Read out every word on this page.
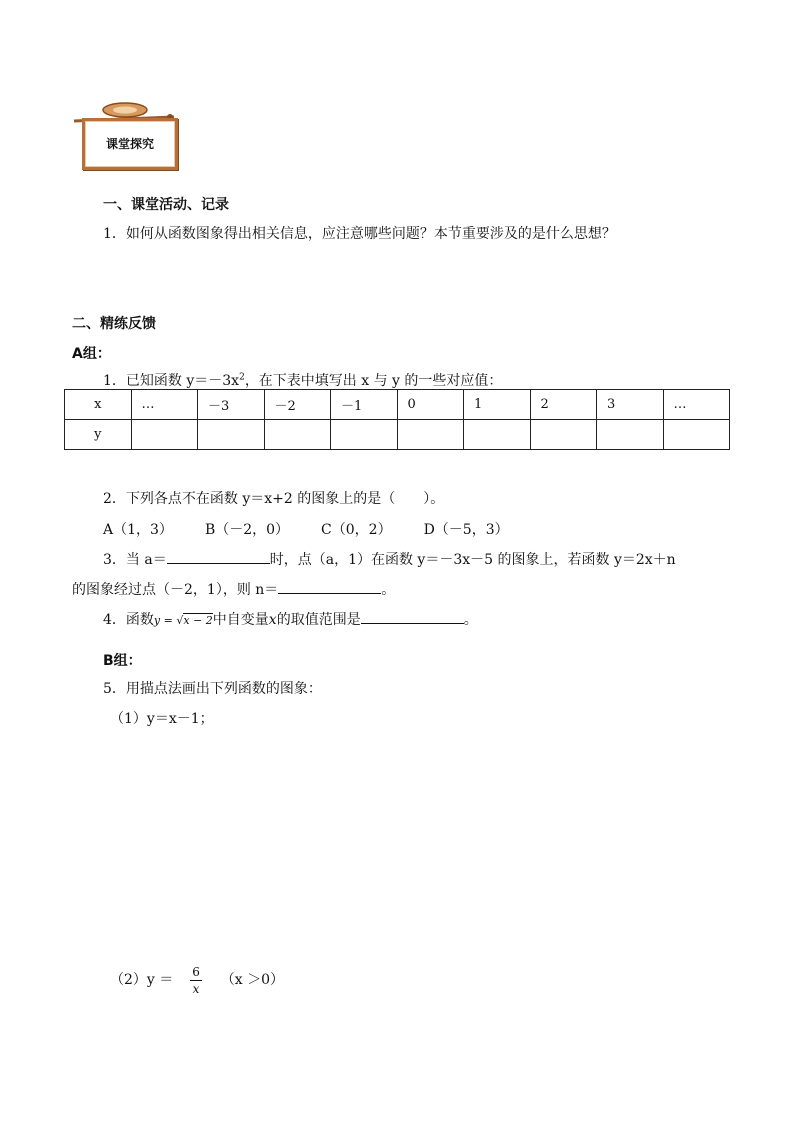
课堂探究
一、课堂活动、记录
1．如何从函数图象得出相关信息，应注意哪些问题？本节重要涉及的是什么思想？
二、精练反馈
A组：
1．已知函数 $y=-3x^2$，在下表中填写出 x 与 y 的一些对应值：
x	…	－3	－2	－1	0	1	2	3	…
y									
2．下列各点不在函数 y＝x+2 的图象上的是（　　）。
A（1，3） B（－2，0） C（0，2） D（－5，3）
3．当 a＝	时，点（a，1）在函数 y＝－3x－5 的图象上，若函数 y＝2x＋n
的图象经过点（－2，1），则 n＝	。
4．函数y = √x − 2中自变量x的取值范围是	。
B组：
5．用描点法画出下列函数的图象：
（1）y＝x－1；
$(2)y = \frac{6}{x} (x >0)$
